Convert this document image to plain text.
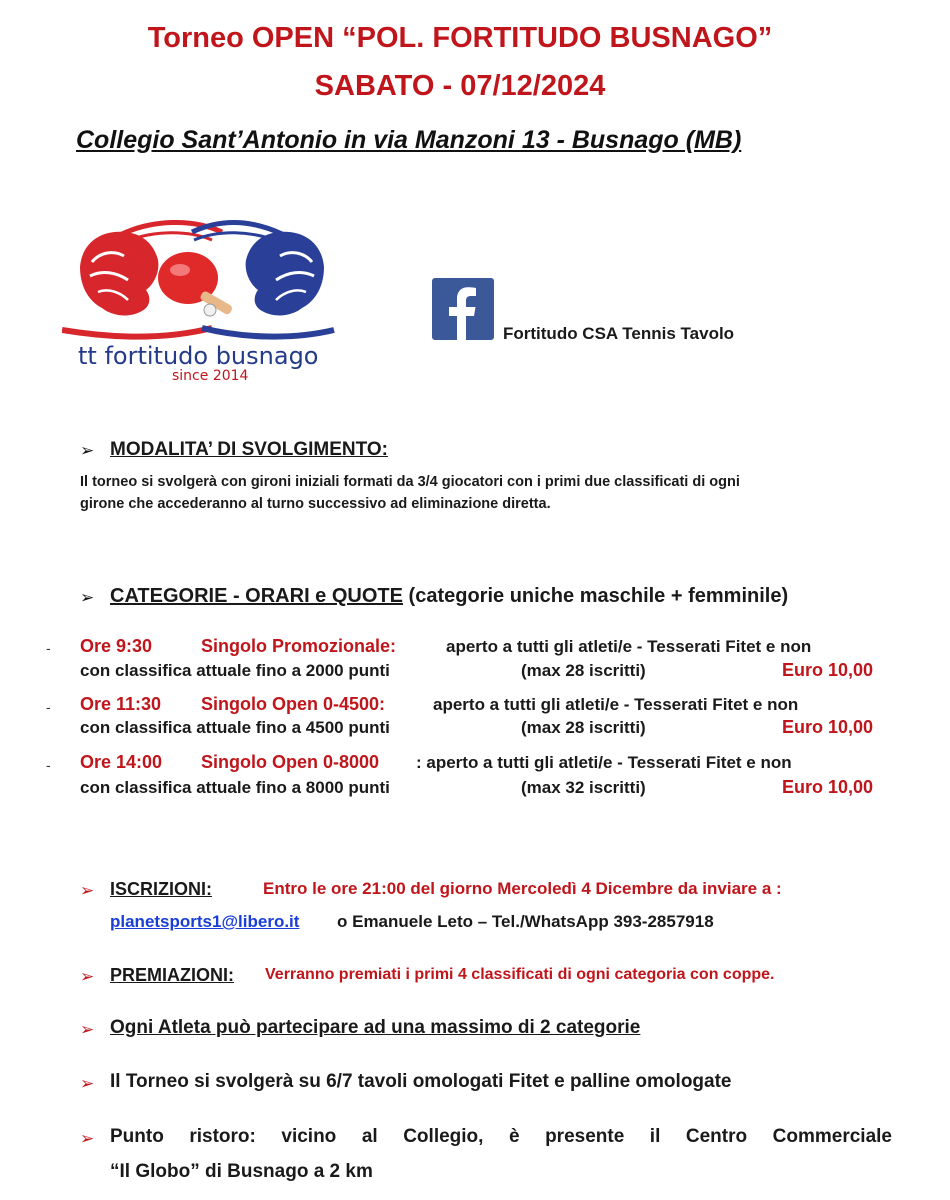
Torneo OPEN “POL. FORTITUDO BUSNAGO”
SABATO - 07/12/2024
Collegio Sant’Antonio in via Manzoni 13 - Busnago (MB)
tt fortitudo busnago
since 2014
Fortitudo CSA Tennis Tavolo
➢ MODALITA’ DI SVOLGIMENTO:
Il torneo si svolgerà con gironi iniziali formati da 3/4 giocatori con i primi due classificati di ogni
girone che accederanno al turno successivo ad eliminazione diretta.
➢ CATEGORIE - ORARI e QUOTE (categorie uniche maschile + femminile)
- Ore 9:30	Singolo Promozionale:	aperto a tutti gli atleti/e - Tesserati Fitet e non
con classifica attuale fino a 2000 punti	(max 28 iscritti)	Euro 10,00
- Ore 11:30 Singolo Open 0-4500:	aperto a tutti gli atleti/e - Tesserati Fitet e non
con classifica attuale fino a 4500 punti	(max 28 iscritti)	Euro 10,00
- Ore 14:00 Singolo Open 0-8000 : aperto a tutti gli atleti/e - Tesserati Fitet e non
con classifica attuale fino a 8000 punti	(max 32 iscritti)	Euro 10,00
➢ ISCRIZIONI:	Entro le ore 21:00 del giorno Mercoledì 4 Dicembre da inviare a :
planetsports1@libero.it o Emanuele Leto – Tel./WhatsApp 393-2857918
➢ PREMIAZIONI: Verranno premiati i primi 4 classificati di ogni categoria con coppe.
➢ Ogni Atleta può partecipare ad una massimo di 2 categorie
➢ Il Torneo si svolgerà su 6/7 tavoli omologati Fitet e palline omologate
➢ Punto ristoro: vicino al Collegio, è presente il Centro Commerciale
“Il Globo” di Busnago a 2 km
